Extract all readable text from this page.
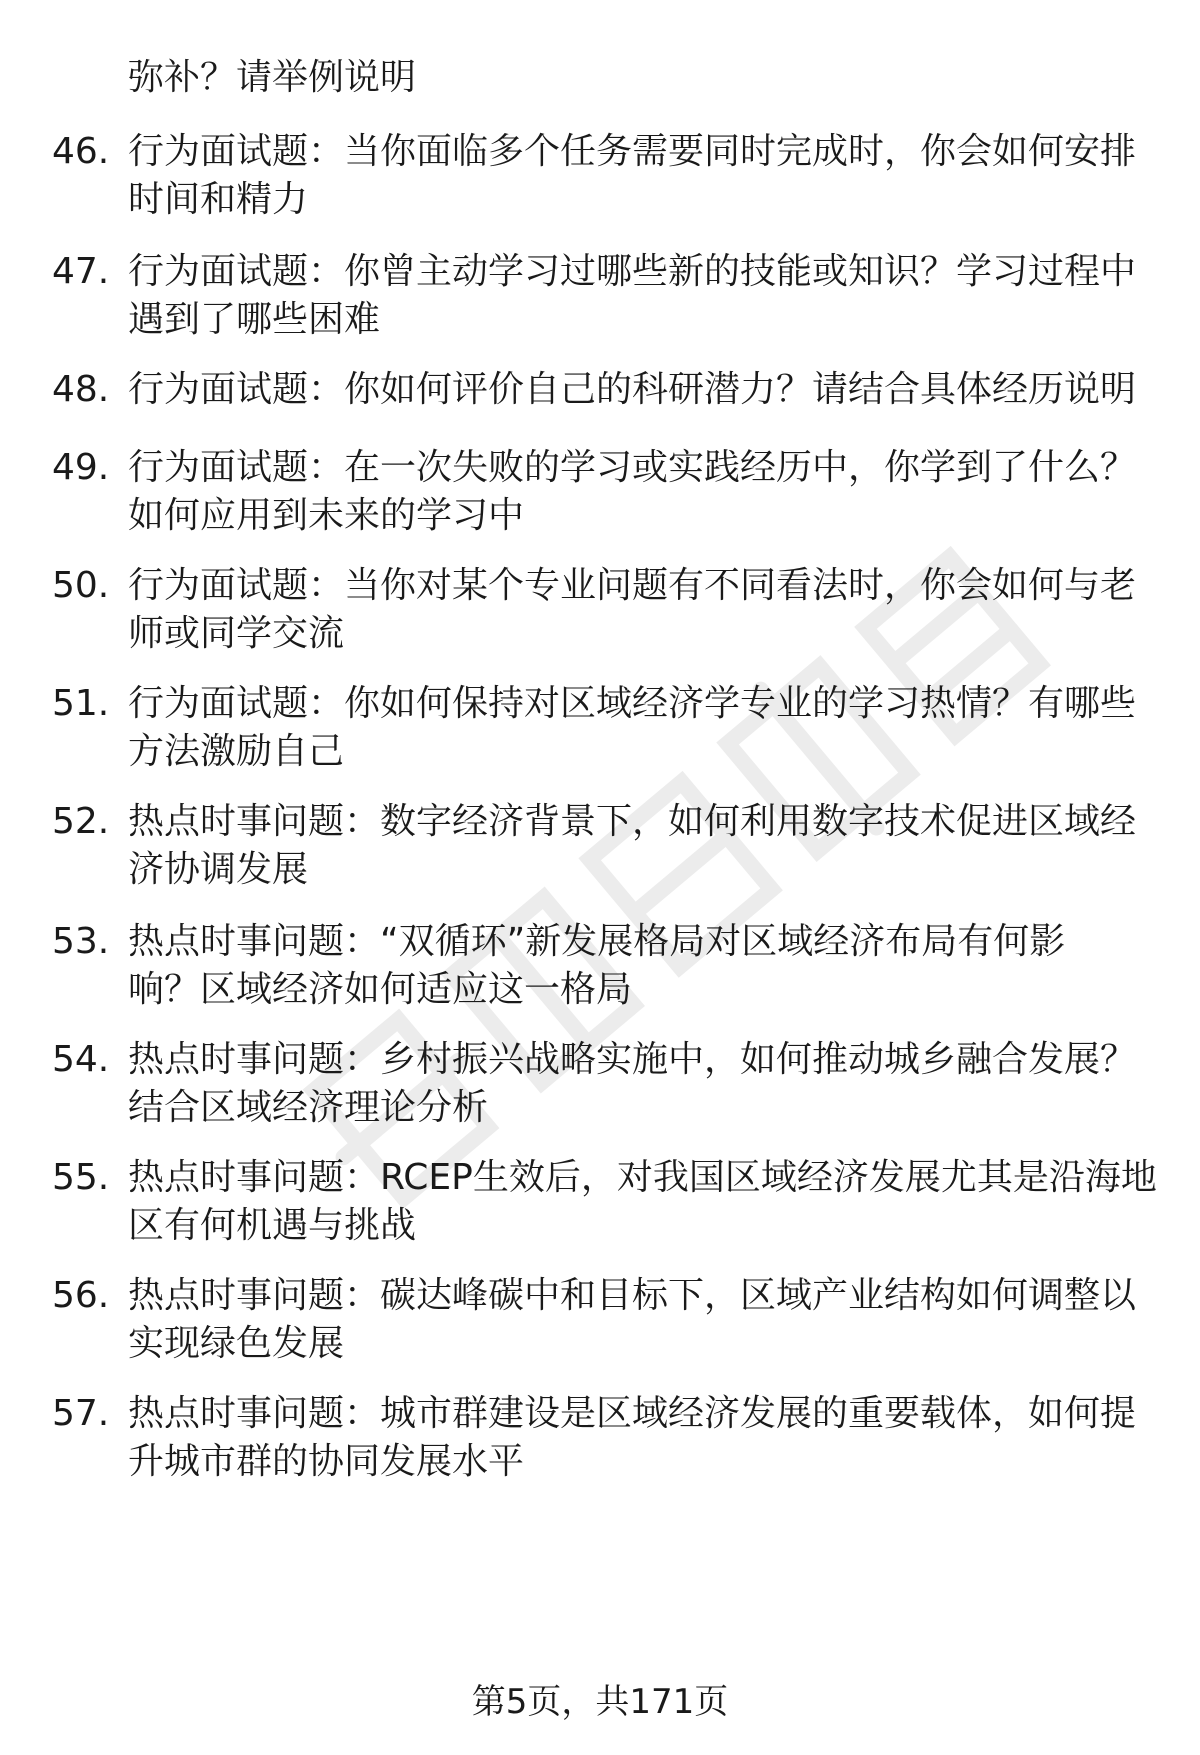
弥补？请举例说明
46. 行为面试题：当你面临多个任务需要同时完成时，你会如何安排
时间和精力
47. 行为面试题：你曾主动学习过哪些新的技能或知识？学习过程中
遇到了哪些困难
48. 行为面试题：你如何评价自己的科研潜力？请结合具体经历说明
49. 行为面试题：在一次失败的学习或实践经历中，你学到了什么？
如何应用到未来的学习中
50. 行为面试题：当你对某个专业问题有不同看法时，你会如何与老
师或同学交流
51. 行为面试题：你如何保持对区域经济学专业的学习热情？有哪些
方法激励自己
52. 热点时事问题：数字经济背景下，如何利用数字技术促进区域经
济协调发展
53. 热点时事问题：“双循环”新发展格局对区域经济布局有何影
响？区域经济如何适应这一格局
54. 热点时事问题：乡村振兴战略实施中，如何推动城乡融合发展？
结合区域经济理论分析
55. 热点时事问题：RCEP生效后，对我国区域经济发展尤其是沿海地
区有何机遇与挑战
56. 热点时事问题：碳达峰碳中和目标下，区域产业结构如何调整以
实现绿色发展
57. 热点时事问题：城市群建设是区域经济发展的重要载体，如何提
升城市群的协同发展水平
第5页，共171页
